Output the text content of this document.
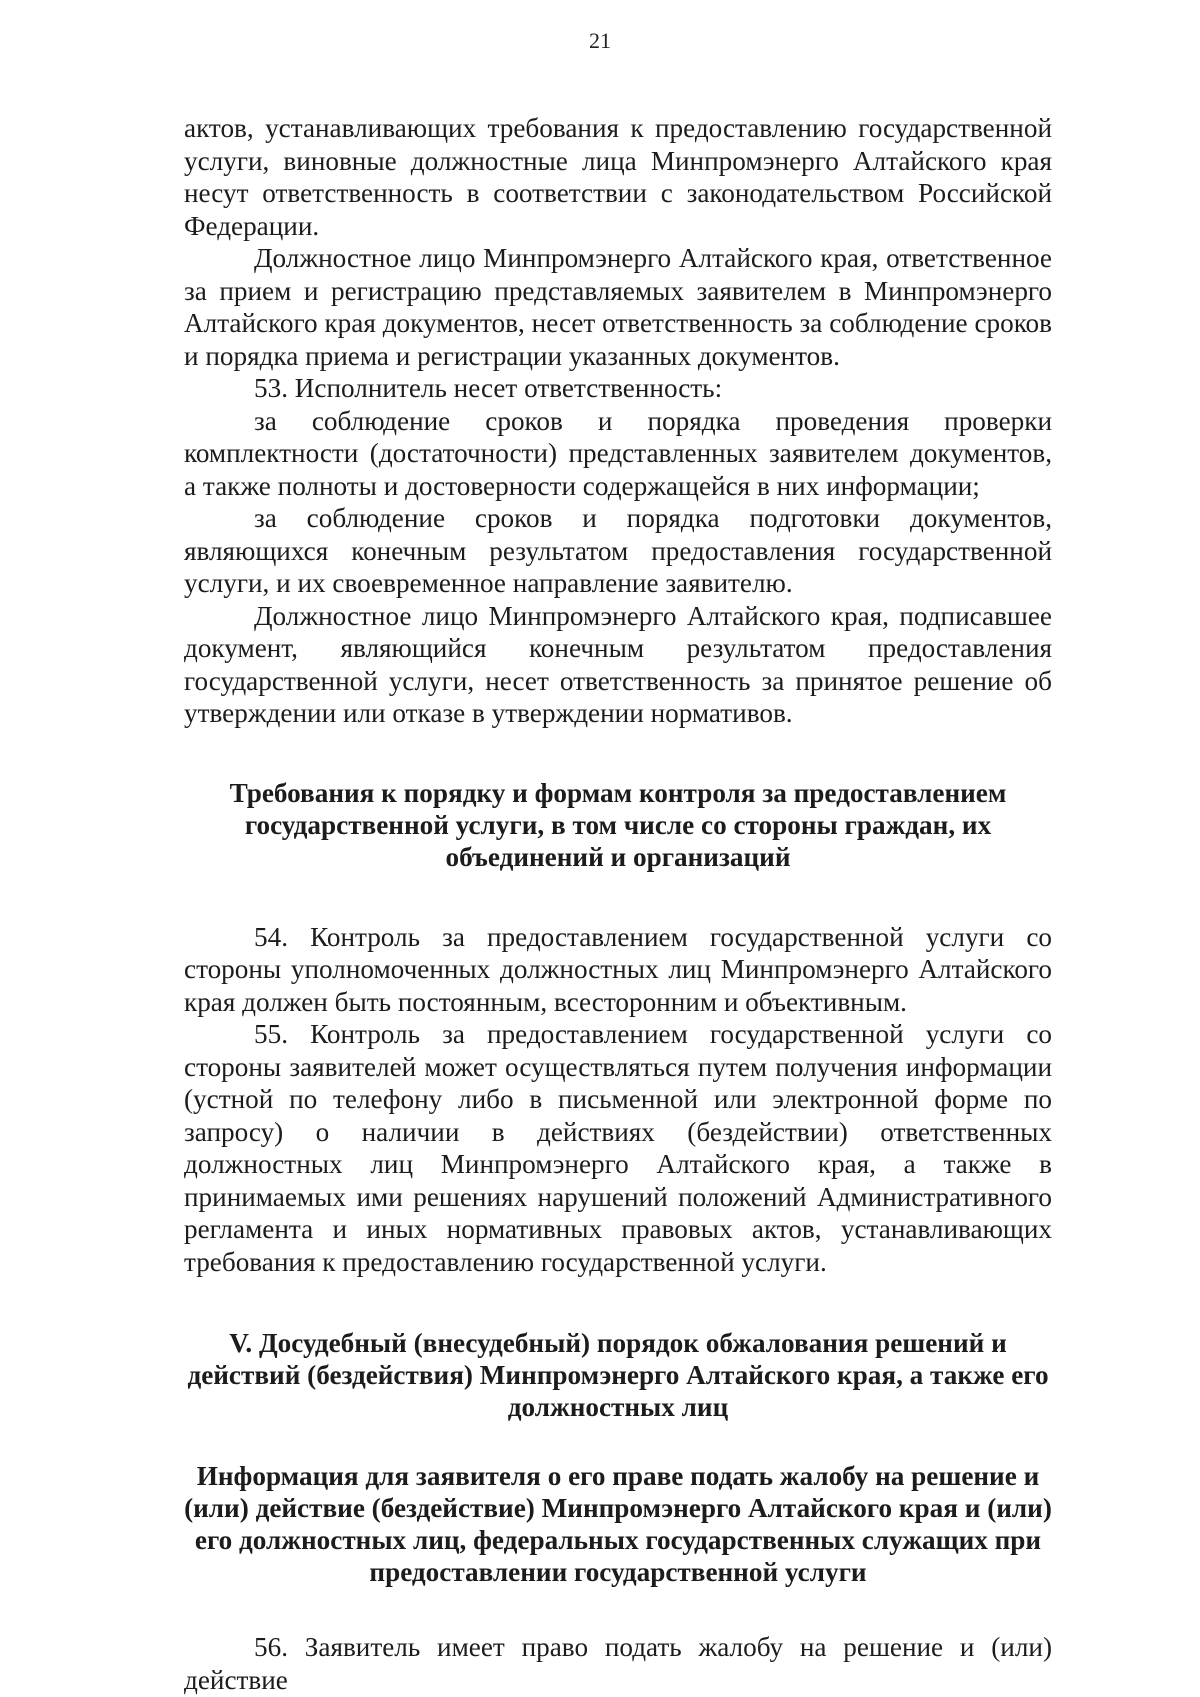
21

актов, устанавливающих требования к предоставлению государственной услуги, виновные должностные лица Минпромэнерго Алтайского края несут ответственность в соответствии с законодательством Российской Федерации.

Должностное лицо Минпромэнерго Алтайского края, ответственное за прием и регистрацию представляемых заявителем в Минпромэнерго Алтайского края документов, несет ответственность за соблюдение сроков и порядка приема и регистрации указанных документов.

53. Исполнитель несет ответственность:

за соблюдение сроков и порядка проведения проверки комплектности (достаточности) представленных заявителем документов, а также полноты и достоверности содержащейся в них информации;

за соблюдение сроков и порядка подготовки документов, являющихся конечным результатом предоставления государственной услуги, и их своевременное направление заявителю.

Должностное лицо Минпромэнерго Алтайского края, подписавшее документ, являющийся конечным результатом предоставления государственной услуги, несет ответственность за принятое решение об утверждении или отказе в утверждении нормативов.

Требования к порядку и формам контроля за предоставлением государственной услуги, в том числе со стороны граждан, их объединений и организаций

54. Контроль за предоставлением государственной услуги со стороны уполномоченных должностных лиц Минпромэнерго Алтайского края должен быть постоянным, всесторонним и объективным.

55. Контроль за предоставлением государственной услуги со стороны заявителей может осуществляться путем получения информации (устной по телефону либо в письменной или электронной форме по запросу) о наличии в действиях (бездействии) ответственных должностных лиц Минпромэнерго Алтайского края, а также в принимаемых ими решениях нарушений положений Административного регламента и иных нормативных правовых актов, устанавливающих требования к предоставлению государственной услуги.

V. Досудебный (внесудебный) порядок обжалования решений и действий (бездействия) Минпромэнерго Алтайского края, а также его должностных лиц
Информация для заявителя о его праве подать жалобу на решение и (или) действие (бездействие) Минпромэнерго Алтайского края и (или) его должностных лиц, федеральных государственных служащих при предоставлении государственной услуги

56. Заявитель имеет право подать жалобу на решение и (или) действие
